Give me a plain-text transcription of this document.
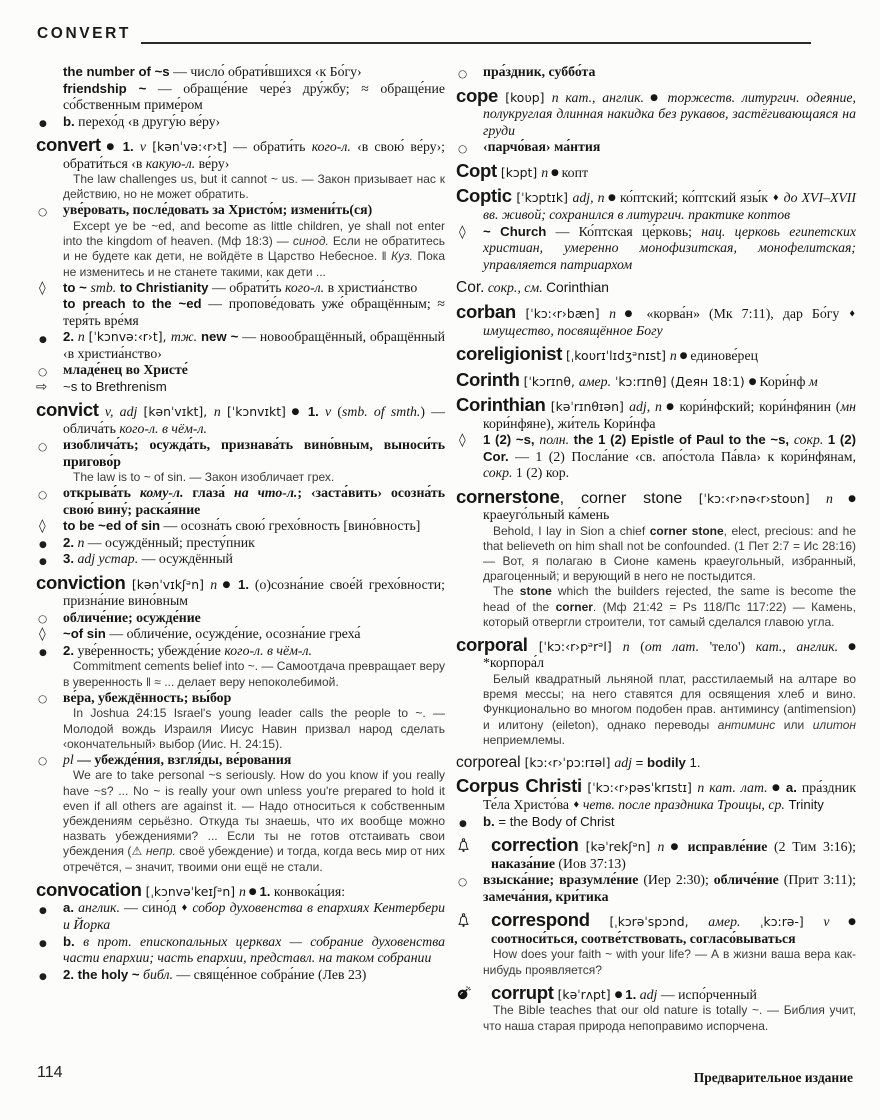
CONVERT
the number of ~s — число́ обрати́вшихся ‹к Бо́гу›
friendship ~ — обраще́ние чере́з дру́жбу; ≈ обраще́ние со́бственным приме́ром
●	b. перехо́д ‹в другу́ю ве́ру›
convert ● 1. v [kənˈvə:‹r›t] — обрати́ть кого-л. ‹в свою́ ве́ру›; обрати́ться ‹в какую-л. ве́ру›
The law challenges us, but it cannot ~ us. — Закон призывает нас к действию, но не может обратить.
○	уве́ровать, после́довать за Христо́м; измени́ть(ся)
Except ye be ~ed, and become as little children, ye shall not enter into the kingdom of heaven. (Мф 18:3) — синод. Если не обратитесь и не будете как дети, не войдёте в Царство Небесное. ‖ Куз. Пока не изменитесь и не станете такими, как дети ...
◊	to ~ smb. to Christianity — обрати́ть кого-л. в христиа́нство
to preach to the ~ed — пропове́довать уже́ обращённым; ≈ теря́ть вре́мя
●	2. n [ˈkɔnvə:‹r›t], тж. new ~ — новообращённый, обращённый ‹в христиа́нство›
○	младе́нец во Христе́
⇨	~s to Brethrenism
convict v, adj [kənˈvɪkt], n [ˈkɔnvɪkt] ● 1. v (smb. of smth.) — облича́ть кого-л. в чём-л.
○	изоблича́ть; осужда́ть, признава́ть вино́вным, выноси́ть пригово́р
The law is to ~ of sin. — Закон изобличает грех.
○	открыва́ть кому-л. глаза́ на что-л.; ‹заста́вить› осозна́ть свою́ вину́; раска́яние
◊	to be ~ed of sin — осозна́ть свою́ грехо́вность [вино́вность]
●	2. n — осуждённый; престу́пник
●	3. adj устар. — осуждённый
conviction [kənˈvɪkʃᵊn] n ● 1. (о)созна́ние свое́й грехо́вности; призна́ние вино́вным
○	обличе́ние; осужде́ние
◊	~of sin — обличе́ние, осужде́ние, осозна́ние греха́
●	2. уве́ренность; убежде́ние кого-л. в чём-л.
Commitment cements belief into ~. — Самоотдача превращает веру в уверенность ‖ ≈ ... делает веру непоколебимой.
○	ве́ра, убеждённость; вы́бор
In Joshua 24:15 Israel's young leader calls the people to ~. — Молодой вождь Израиля Иисус Навин призвал народ сделать ‹окончательный› выбор (Иис. Н. 24:15).
○	pl — убежде́ния, взгля́ды, ве́рования
We are to take personal ~s seriously. How do you know if you really have ~s? ... No ~ is really your own unless you're prepared to hold it even if all others are against it. — Надо относиться к собственным убеждениям серьёзно. Откуда ты знаешь, что их вообще можно назвать убеждениями? ... Если ты не готов отстаивать свои убеждения (⚠ непр. своё убеждение) и тогда, когда весь мир от них отречётся, – значит, твоими они ещё не стали.
convocation [ˌkɔnvəˈkeɪʃᵊn] n ● 1. конвока́ция:
●	a. англик. — сино́д ♦ собор духовенства в епархиях Кентербери и Йорка
●	b. в прот. епископальных церквах — собрание духовенства части епархии; часть епархии, представл. на таком собрании
●	2. the holy ~ библ. — свяще́нное собра́ние (Лев 23)
○	пра́здник, суббо́та
cope [koʋp] n кат., англик. ● торжеств. литургич. одеяние, полукруглая длинная накидка без рукавов, застёгивающаяся на груди
○	‹парчо́вая› ма́нтия
Copt [kɔpt] n ● копт
Coptic [ˈkɔptɪk] adj, n ● ко́птский; ко́птский язы́к ♦ до XVI–XVII вв. живой; сохранился в литургич. практике коптов
◊	~ Church — Ко́птская це́рковь; нац. церковь египетских христиан, умеренно монофизитская, монофелитская; управляется патриархом
Cor. сокр., см. Corinthian
corban [ˈkɔ:‹r›bæn] n ● «корва́н» (Мк 7:11), дар Бо́гу ♦ имущество, посвящённое Богу
coreligionist [ˌkoʋrɪˈlɪdʒᵊnɪst] n ● единове́рец
Corinth [ˈkɔrɪnθ, амер. ˈkɔ:rɪnθ] (Деян 18:1) ● Кори́нф м
Corinthian [kəˈrɪnθɪən] adj, n ● кори́нфский; кори́нфянин (мн кори́нфяне), жи́тель Кори́нфа
◊	1 (2) ~s, полн. the 1 (2) Epistle of Paul to the ~s, сокр. 1 (2) Cor. — 1 (2) Посла́ние ‹св. апо́стола Па́вла› к кори́нфянам, сокр. 1 (2) кор.
cornerstone, corner stone [ˈkɔ:‹r›nə‹r›stoʋn] n ● краеуго́льный ка́мень
Behold, I lay in Sion a chief corner stone, elect, precious: and he that believeth on him shall not be confounded. (1 Пет 2:7 = Ис 28:16) — Вот, я полагаю в Сионе камень краеугольный, избранный, драгоценный; и верующий в него не постыдится.
The stone which the builders rejected, the same is become the head of the corner. (Мф 21:42 = Ps 118/Пс 117:22) — Камень, который отвергли строители, тот самый сделался главою угла.
corporal [ˈkɔ:‹r›pᵊrᵊl] n (от лат. 'тело') кат., англик. ● *корпора́л
Белый квадратный льняной плат, расстилаемый на алтаре во время мессы; на него ставятся для освящения хлеб и вино. Функционально во многом подобен прав. антиминсу (antimension) и илитону (eileton), однако переводы антиминс или илитон неприемлемы.
corporeal [kɔ:‹r›ˈpɔ:rɪəl] adj = bodily 1.
Corpus Christi [ˈkɔ:‹r›pəsˈkrɪstɪ] n кат. лат. ● a. пра́здник Те́ла Христо́ва ♦ четв. после праздника Троицы, ср. Trinity
●	b. = the Body of Christ
correction [kəˈrekʃᵊn] n ● исправле́ние (2 Тим 3:16); наказа́ние (Иов 37:13)
○	взыска́ние; вразумле́ние (Иер 2:30); обличе́ние (Прит 3:11); замеча́ния, кри́тика
correspond [ˌkɔrəˈspɔnd, амер. ˌkɔ:rə-] v ● соотноси́ться, соотве́тствовать, согласо́вываться
How does your faith ~ with your life? — А в жизни ваша вера как-нибудь проявляется?
corrupt [kəˈrʌpt] ● 1. adj — испо́рченный
The Bible teaches that our old nature is totally ~. — Библия учит, что наша старая природа непоправимо испорчена.
114	Предварительное издание
